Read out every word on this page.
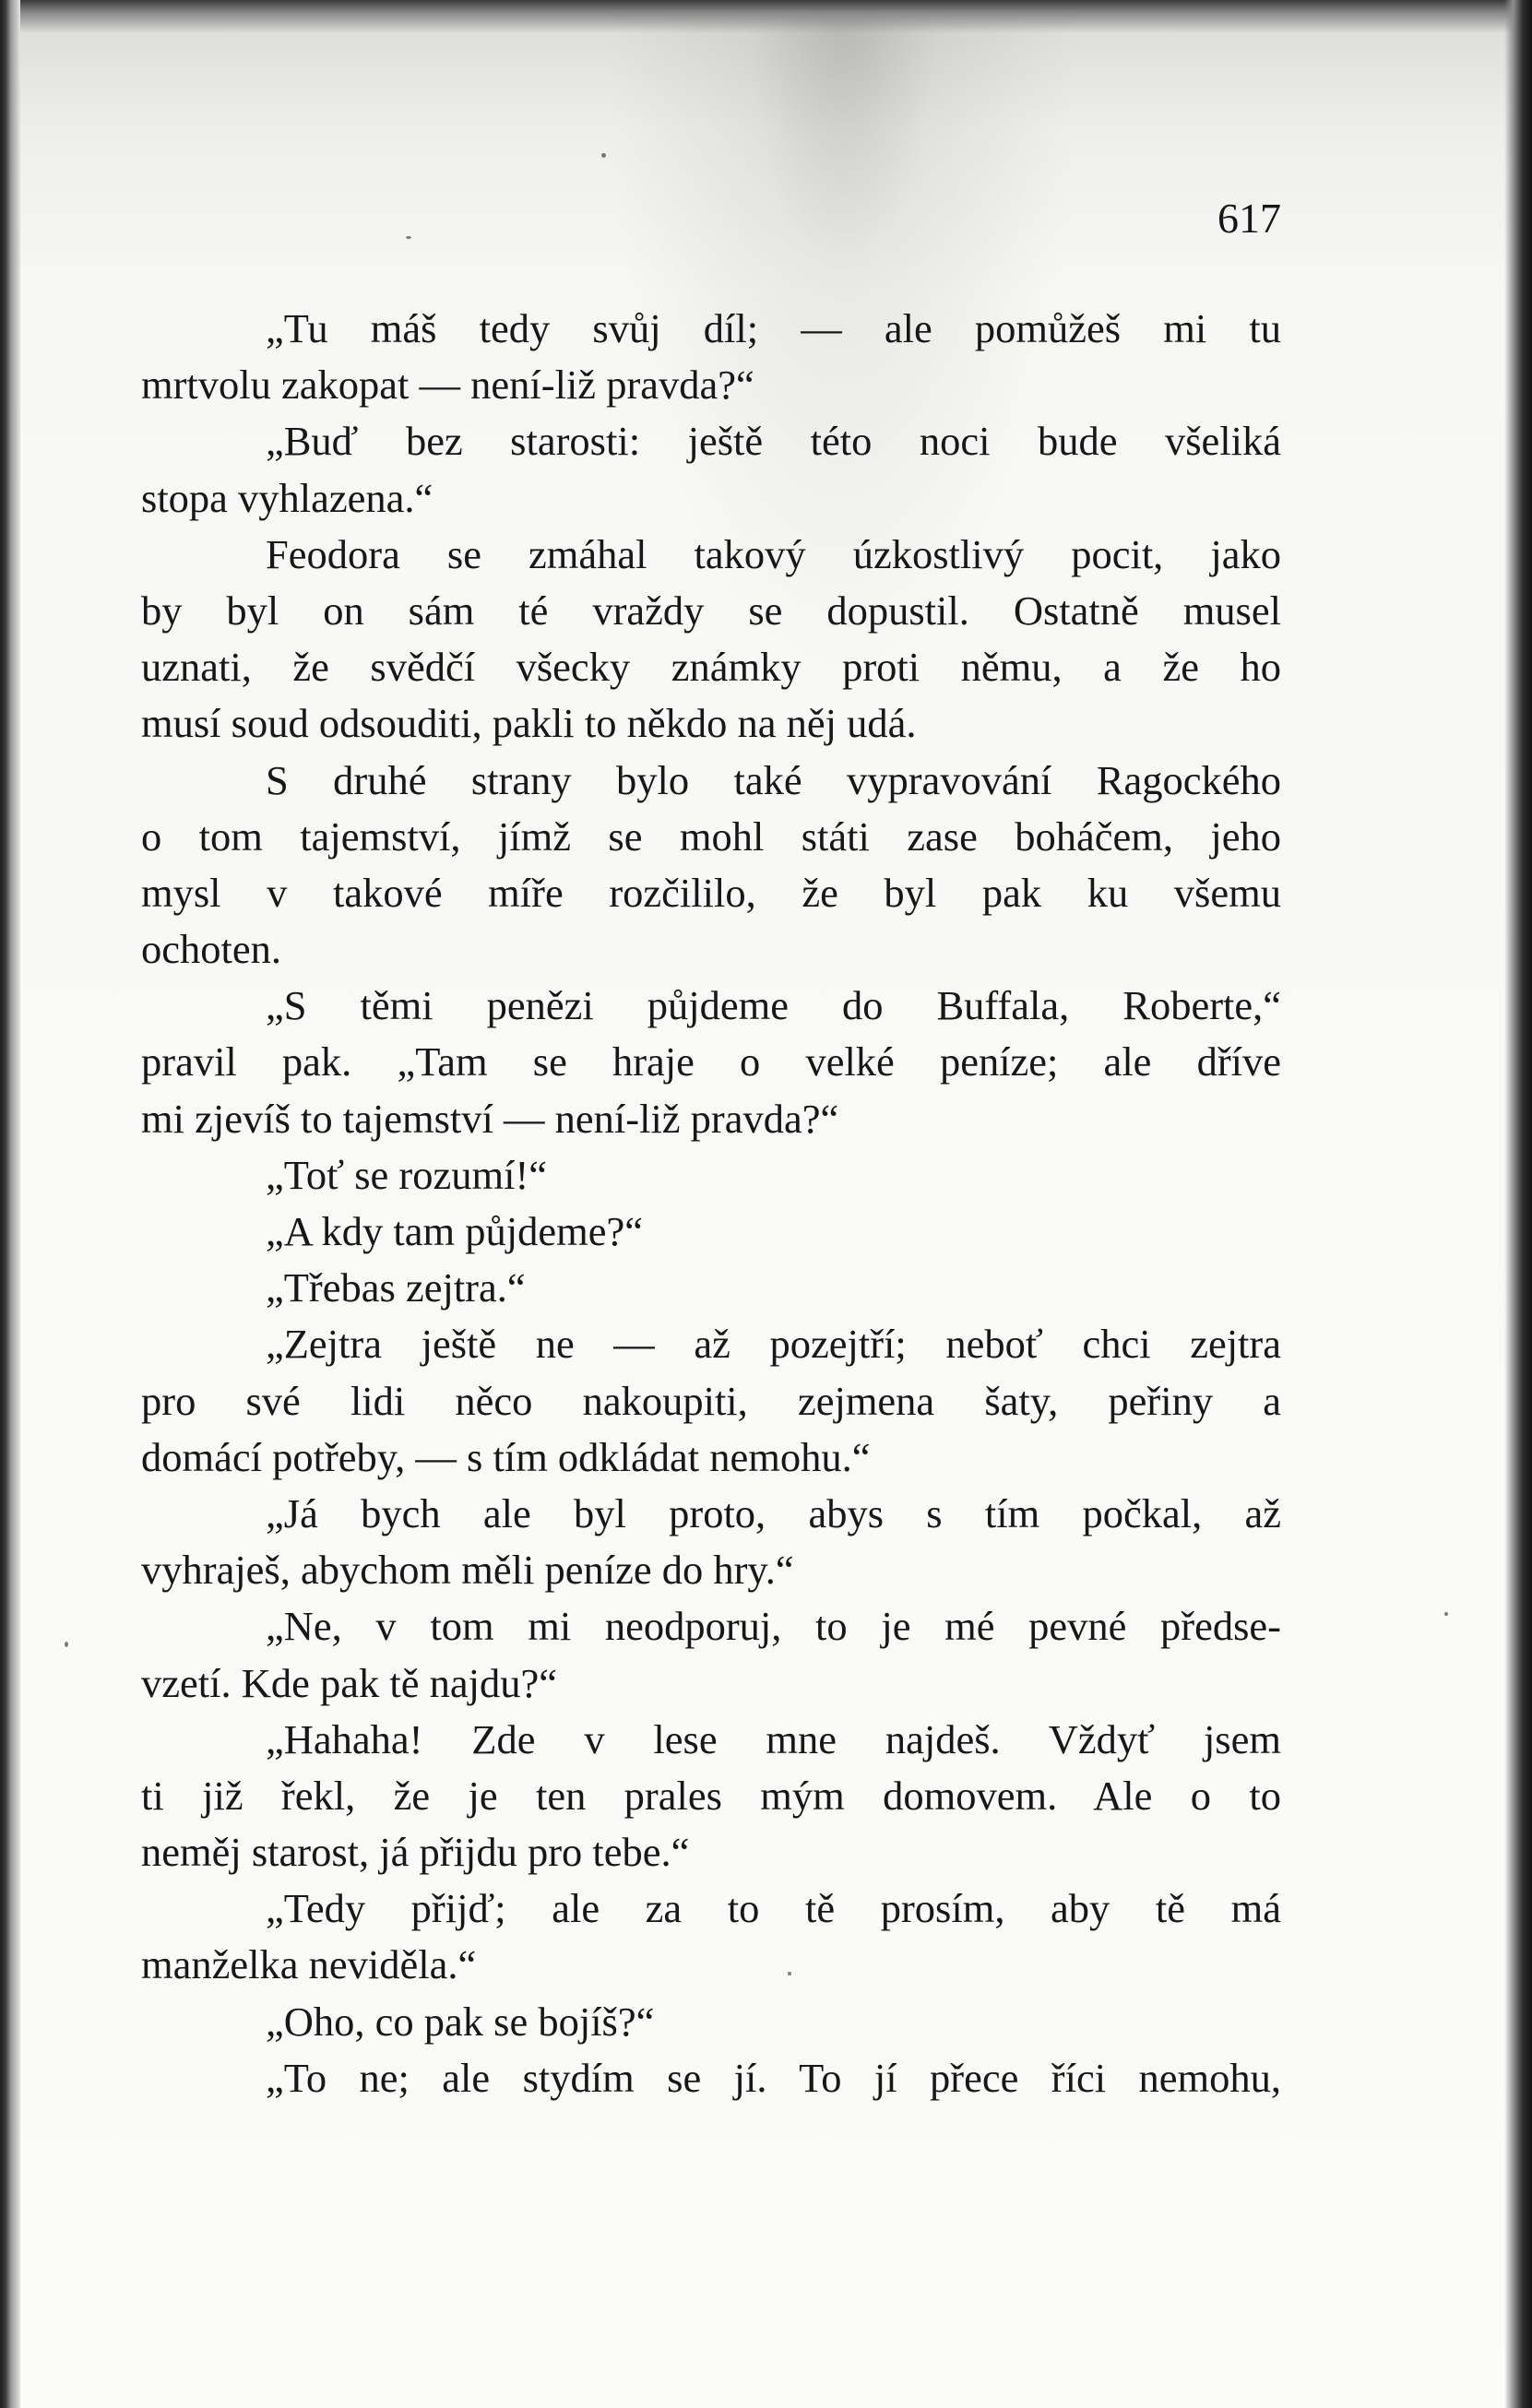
617

„Tu máš tedy svůj díl; — ale pomůžeš mi tu
mrtvolu zakopat — není-liž pravda?“
„Buď bez starosti: ještě této noci bude všeliká
stopa vyhlazena.“
Feodora se zmáhal takový úzkostlivý pocit, jako
by byl on sám té vraždy se dopustil. Ostatně musel
uznati, že svědčí všecky známky proti němu, a že ho
musí soud odsouditi, pakli to někdo na něj udá.
S druhé strany bylo také vypravování Ragockého
o tom tajemství, jímž se mohl státi zase boháčem, jeho
mysl v takové míře rozčililo, že byl pak ku všemu
ochoten.
„S těmi penězi půjdeme do Buffala, Roberte,“
pravil pak. „Tam se hraje o velké peníze; ale dříve
mi zjevíš to tajemství — není-liž pravda?“
„Toť se rozumí!“
„A kdy tam půjdeme?“
„Třebas zejtra.“
„Zejtra ještě ne — až pozejtří; neboť chci zejtra
pro své lidi něco nakoupiti, zejmena šaty, peřiny a
domácí potřeby, — s tím odkládat nemohu.“
„Já bych ale byl proto, abys s tím počkal, až
vyhraješ, abychom měli peníze do hry.“
„Ne, v tom mi neodporuj, to je mé pevné předse-
vzetí. Kde pak tě najdu?“
„Hahaha! Zde v lese mne najdeš. Vždyť jsem
ti již řekl, že je ten prales mým domovem. Ale o to
neměj starost, já přijdu pro tebe.“
„Tedy přijď; ale za to tě prosím, aby tě má
manželka neviděla.“
„Oho, co pak se bojíš?“
„To ne; ale stydím se jí. To jí přece říci nemohu,
